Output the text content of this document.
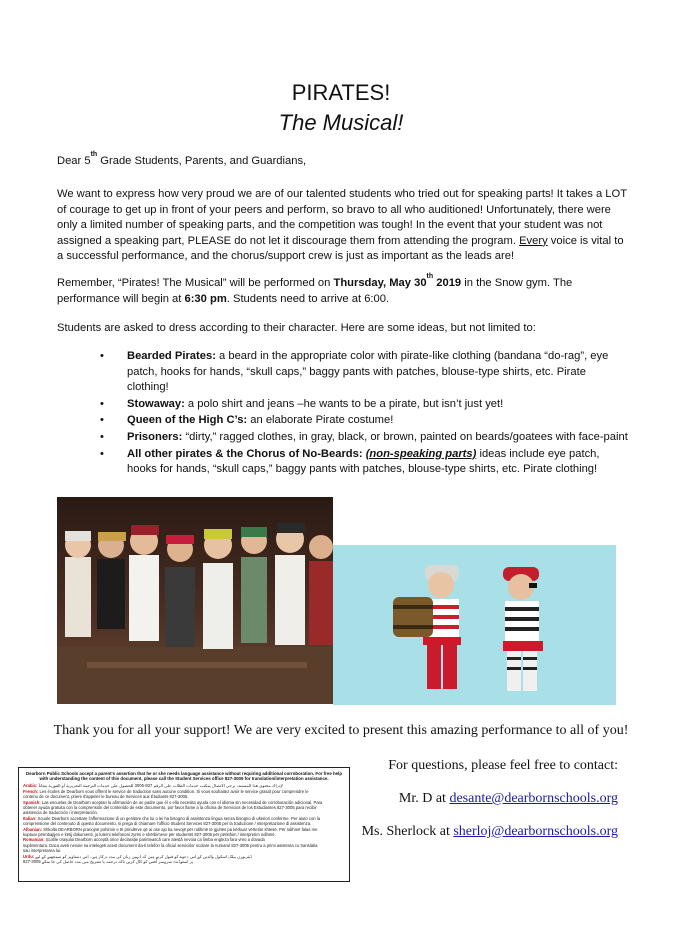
PIRATES!
The Musical!
Dear 5th Grade Students, Parents, and Guardians,
We want to express how very proud we are of our talented students who tried out for speaking parts! It takes a LOT of courage to get up in front of your peers and perform, so bravo to all who auditioned! Unfortunately, there were only a limited number of speaking parts, and the competition was tough! In the event that your student was not assigned a speaking part, PLEASE do not let it discourage them from attending the program. Every voice is vital to a successful performance, and the chorus/support crew is just as important as the leads are!
Remember, “Pirates! The Musical” will be performed on Thursday, May 30th 2019 in the Snow gym. The performance will begin at 6:30 pm. Students need to arrive at 6:00.
Students are asked to dress according to their character. Here are some ideas, but not limited to:
• Bearded Pirates: a beard in the appropriate color with pirate-like clothing (bandana “do-rag”, eye patch, hooks for hands, “skull caps,” baggy pants with patches, blouse-type shirts, etc. Pirate clothing!
• Stowaway: a polo shirt and jeans –he wants to be a pirate, but isn’t just yet!
• Queen of the High C’s: an elaborate Pirate costume!
• Prisoners: “dirty,” ragged clothes, in gray, black, or brown, painted on beards/goatees with face-paint
• All other pirates & the Chorus of No-Beards: (non-speaking parts) ideas include eye patch, hooks for hands, “skull caps,” baggy pants with patches, blouse-type shirts, etc. Pirate clothing!
Thank you for all your support! We are very excited to present this amazing performance to all of you!
For questions, please feel free to contact:
Mr. D at desante@dearbornschools.org
Ms. Sherlock at sherloj@dearbornschools.org
Dearborn Public Schools accept a parent's assertion that he or she needs language assistance without requiring additional corroboration. For free help with understanding the content of this document, please call the Student Services office 827-3005 for translation/interpretation assistance.
Arabic: لإدراك محتوى هذا المستند، يرجى الاتصال بمكتب خدمات الطلاب على الرقم 827-3005 للحصول على خدمات الترجمة التحريرية أو الفورية مجاناً
French: Les écoles de Dearborn vous offrent le service de traduction sans aucune condition. Si vous souhaitez avoir le service gratuit pour comprendre le
contenu de ce document, priere d'appeler le bureau de Services aux Étudiants 827-3005.
Spanish: Las escuelas de Dearborn aceptan la afirmación de un padre que él o ella necesita ayuda con el idioma sin necesidad de corroboración adicional. Para
obtener ayuda gratuita con la comprensión del contenido de este documento, por favor llame a la oficina de Servicios de los Estudiantes 827-3005 para recibir
asistencia de traducción / interpretación.
Italian: Scuole Dearborn accettare l'affermazione di un genitore che lui o lei ha bisogno di assistenza lingua senza bisogno di ulteriori conferme. Per aiuto con la
comprensione del contenuto di questo documento, si prega di chiamare l'ufficio Student Services 827-3005 per la traduzione / interpretazione di assistenza.
Albanian: Shkolla DEARBORN pranojnë pohimin e të prindërve që ai ose ajo ka nevojë për ndihmë të gjuhës pa kërkuar vërtetim shtesë. Për ndihmë falas me
kuptuar përmbajtjen e këtij dokumenti, ju lutemi telefononi zyrën e shërbimeve për studentët 827-3005 për përkthim / interpretim ndihmë.
Romanian: Școlile orașului Dearborn acceptă orice declarație parintească care atestă nevoia ca limba engleza fara vreo a dovada
suplimentara. Daca aveti nevoie sa intelegeti acest document da-ti telefon la oficiul serviciilor scolare la numarul 827-3005 pentru a primi asistenta cu translatia
sau interpretarea lui.
Urdu: ڈیئربورن پبلک اسکول والدین کے اس دعوے کو قبول کرتے ہیں کہ انہیں زبان کی مدد درکار ہے۔ اس دستاویز کو سمجھنے کے لیے
827-3005 پر اسٹوڈنٹ سروسز آفس کو کال کریں تاکہ ترجمہ یا تشریح میں مدد حاصل کی جا سکے
